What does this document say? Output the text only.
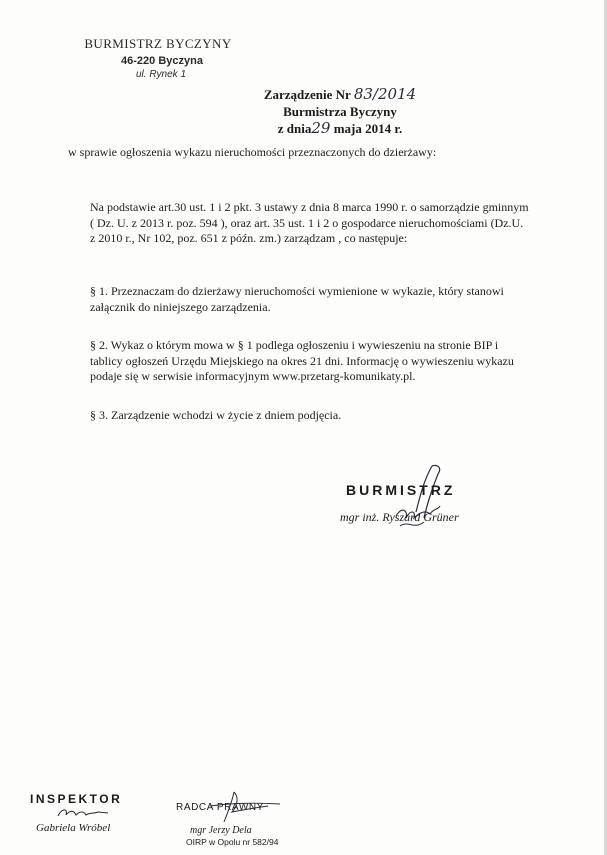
BURMISTRZ BYCZYNY
46-220 Byczyna
ul. Rynek 1
Zarządzenie Nr 83/2014
Burmistrza Byczyny
z dnia29 maja 2014 r.
w sprawie ogłoszenia wykazu nieruchomości przeznaczonych do dzierżawy:
Na podstawie art.30 ust. 1 i 2 pkt. 3 ustawy z dnia 8 marca 1990 r. o samorządzie gminnym ( Dz. U. z 2013 r. poz. 594 ), oraz art. 35 ust. 1 i 2 o gospodarce nieruchomościami (Dz.U. z 2010 r., Nr 102, poz. 651 z późn. zm.) zarządzam , co następuje:
§ 1. Przeznaczam do dzierżawy nieruchomości wymienione w wykazie, który stanowi załącznik do niniejszego zarządzenia.
§ 2. Wykaz o którym mowa w § 1 podlega ogłoszeniu i wywieszeniu na stronie BIP i tablicy ogłoszeń Urzędu Miejskiego na okres 21 dni. Informację o wywieszeniu wykazu podaje się w serwisie informacyjnym www.przetarg-komunikaty.pl.
§ 3. Zarządzenie wchodzi w życie z dniem podjęcia.
BURMISTRZ
mgr inż. Ryszard Grüner
INSPEKTOR
Gabriela Wróbel
RADCA PRAWNY
mgr Jerzy Dela
OIRP w Opolu nr 582/94
